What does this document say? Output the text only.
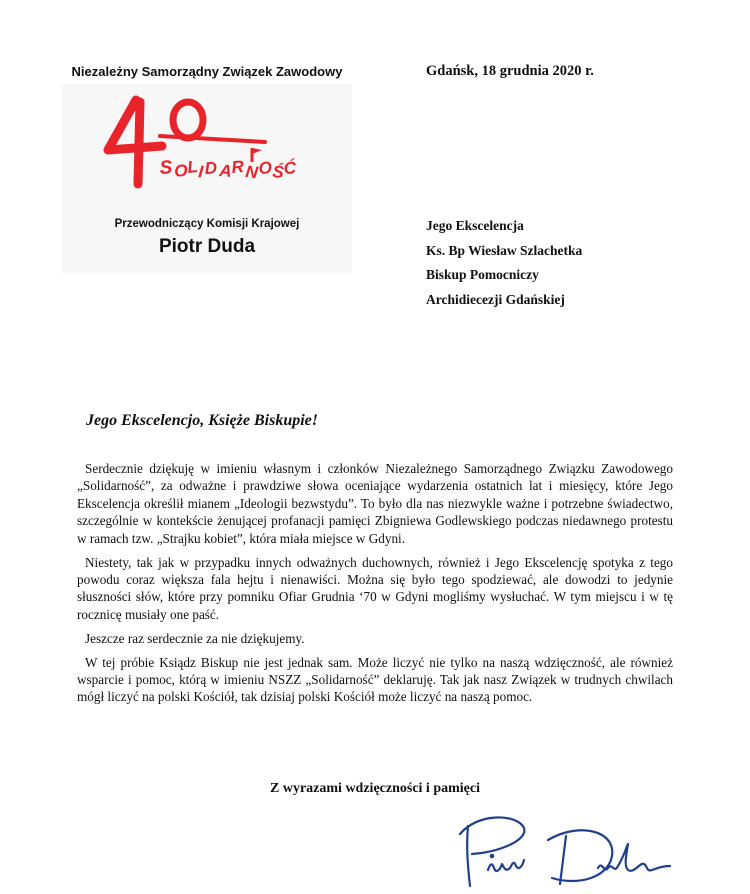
Niezależny Samorządny Związek Zawodowy	Gdańsk, 18 grudnia 2020 r.
S O
L
I D A
R N O Ś
Ć
Przewodniczący Komisji Krajowej
Piotr Duda
Jego Ekscelencja
Ks. Bp Wiesław Szlachetka
Biskup Pomocniczy
Archidiecezji Gdańskiej
Jego Ekscelencjo, Księże Biskupie!

Serdecznie dziękuję w imieniu własnym i członków Niezależnego Samorządnego Związku Zawodowego „Solidarność”, za odważne i prawdziwe słowa oceniające wydarzenia ostatnich lat i miesięcy, które Jego Ekscelencja określił mianem „Ideologii bezwstydu”. To było dla nas niezwykle ważne i potrzebne świadectwo, szczególnie w kontekście żenującej profanacji pamięci Zbigniewa Godlewskiego podczas niedawnego protestu w ramach tzw. „Strajku kobiet”, która miała miejsce w Gdyni.

Niestety, tak jak w przypadku innych odważnych duchownych, również i Jego Ekscelencję spotyka z tego powodu coraz większa fala hejtu i nienawiści. Można się było tego spodziewać, ale dowodzi to jedynie słuszności słów, które przy pomniku Ofiar Grudnia ‘70 w Gdyni mogliśmy wysłuchać. W tym miejscu i w tę rocznicę musiały one paść.

Jeszcze raz serdecznie za nie dziękujemy.

W tej próbie Ksiądz Biskup nie jest jednak sam. Może liczyć nie tylko na naszą wdzięczność, ale również wsparcie i pomoc, którą w imieniu NSZZ „Solidarność” deklaruję. Tak jak nasz Związek w trudnych chwilach mógł liczyć na polski Kościół, tak dzisiaj polski Kościół może liczyć na naszą pomoc.

Z wyrazami wdzięczności i pamięci
